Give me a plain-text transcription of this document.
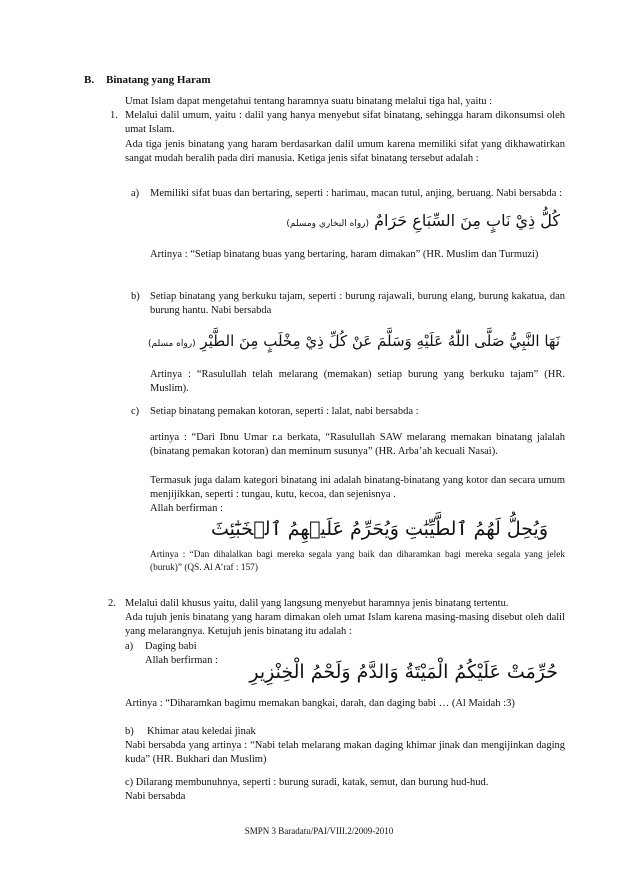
B. Binatang yang Haram

Umat Islam dapat mengetahui tentang haramnya suatu binatang melalui tiga hal, yaitu :

1. Melalui dalil umum, yaitu : dalil yang hanya menyebut sifat binatang, sehingga haram dikonsumsi oleh umat Islam.

Ada tiga jenis binatang yang haram berdasarkan dalil umum karena memiliki sifat yang dikhawatirkan sangat mudah beralih pada diri manusia. Ketiga jenis sifat binatang tersebut adalah :

a)	Memiliki sifat buas dan bertaring, seperti : harimau, macan tutul, anjing, beruang. Nabi bersabda :

كُلُّ ذِيْ نَابٍ مِنَ السِّبَاعِ حَرَامٌ (رواه البخاري ومسلم)

Artinya : “Setiap binatang buas yang bertaring, haram dimakan” (HR. Muslim dan Turmuzi)

b) Setiap binatang yang berkuku tajam, seperti : burung rajawali, burung elang, burung kakatua, dan burung hantu. Nabi bersabda

نَهَا النَّبِيُّ صَلَّى اللّٰهُ عَلَيْهِ وَسَلَّمَ عَنْ كُلِّ ذِيْ مِخْلَبٍ مِنَ الطَّيْرِ (رواه مسلم)

Artinya : “Rasulullah telah melarang (memakan) setiap burung yang berkuku tajam” (HR. Muslim).

c)	Setiap binatang pemakan kotoran, seperti : lalat, nabi bersabda :

artinya : “Dari Ibnu Umar r.a berkata, “Rasulullah SAW melarang memakan binatang jalalah (binatang pemakan kotoran) dan meminum susunya” (HR. Arba’ah kecuali Nasai).

Termasuk juga dalam kategori binatang ini adalah binatang-binatang yang kotor dan secara umum menjijikkan, seperti : tungau, kutu, kecoa, dan sejenisnya .

Allah berfirman :

وَيُحِلُّ لَهُمُ ٱلطَّيِّبَٰتِ وَيُحَرِّمُ عَلَيۡهِمُ ٱلۡخَبَٰٓئِثَ

Artinya : “Dan dihalalkan bagi mereka segala yang baik dan diharamkan bagi mereka segala yang jelek (buruk)” (QS. Al A’raf : 157)

2. Melalui dalil khusus yaitu, dalil yang langsung menyebut haramnya jenis binatang tertentu.

Ada tujuh jenis binatang yang haram dimakan oleh umat Islam karena masing-masing disebut oleh dalil yang melarangnya. Ketujuh jenis binatang itu adalah :

a) Daging babi

Allah berfirman :

حُرِّمَتْ عَلَيْكُمُ الْمَيْتَةُ وَالدَّمُ وَلَحْمُ الْخِنْزِيرِ

Artinya : “Diharamkan bagimu memakan bangkai, darah, dan daging babi … (Al Maidah :3)

b) Khimar atau keledai jinak

Nabi bersabda yang artinya : “Nabi telah melarang makan daging khimar jinak dan mengijinkan daging kuda” (HR. Bukhari dan Muslim)

c) Dilarang membunuhnya, seperti : burung suradi, katak, semut, dan burung hud-hud.

Nabi bersabda

SMPN 3 Baradatu/PAI/VIII.2/2009-2010
